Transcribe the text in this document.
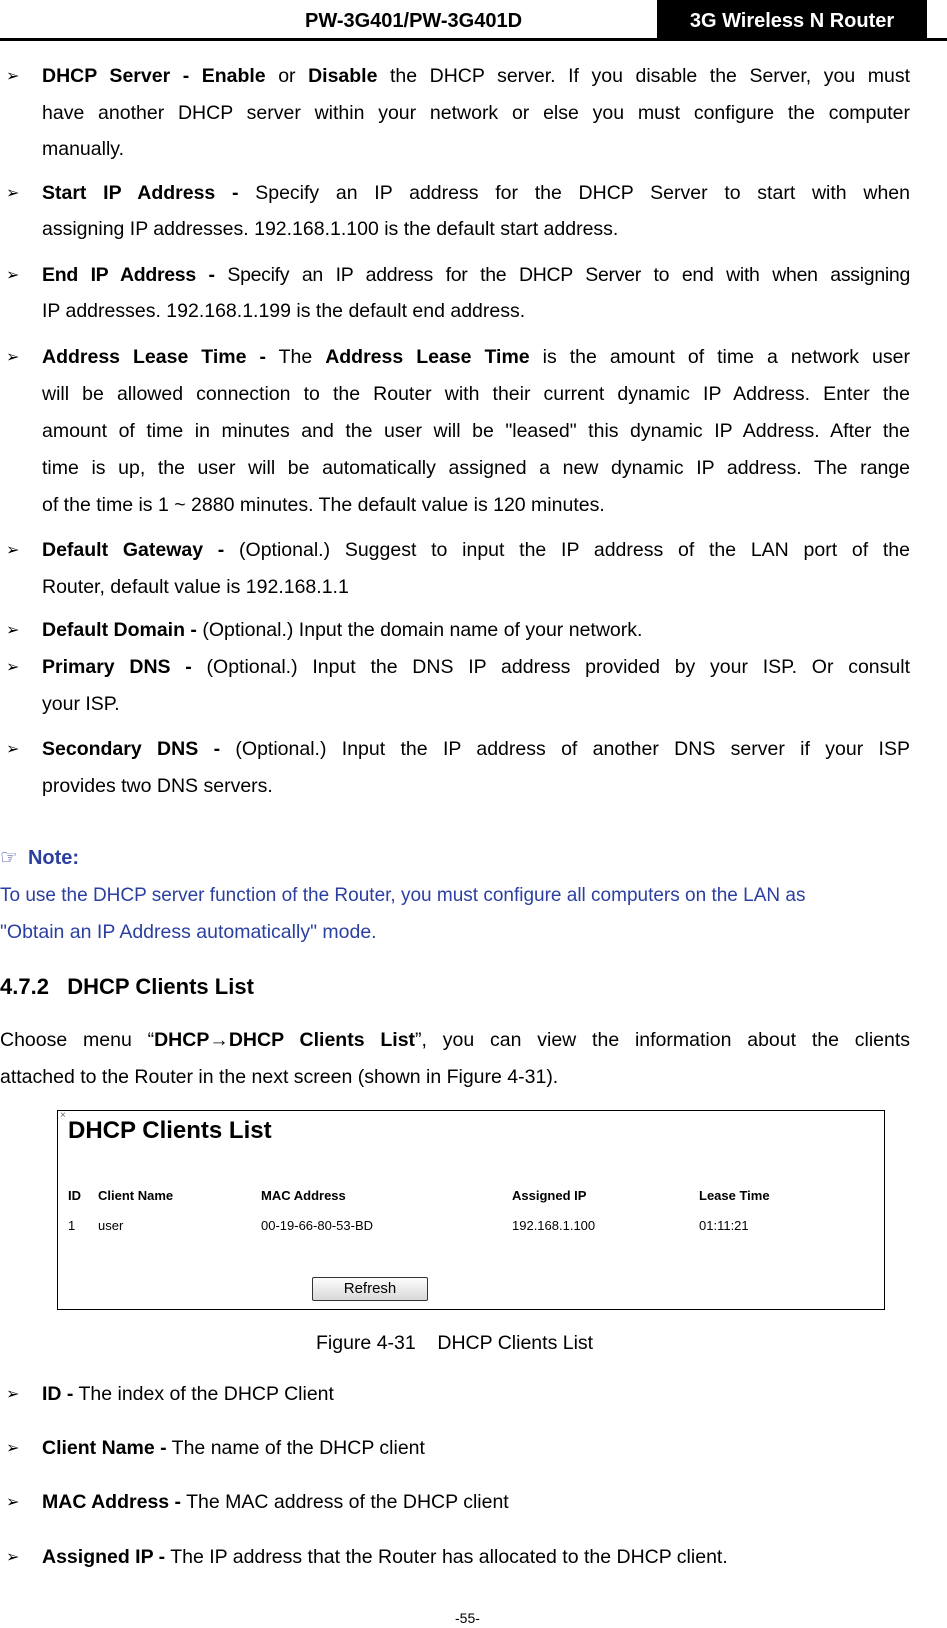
PW-3G401/PW-3G401D	3G Wireless N Router
➢ DHCP Server - Enable or Disable the DHCP server. If you disable the Server, you must
have another DHCP server within your network or else you must configure the computer
manually.
➢ Start IP Address - Specify an IP address for the DHCP Server to start with when
assigning IP addresses. 192.168.1.100 is the default start address.
➢ End IP Address - Specify an IP address for the DHCP Server to end with when assigning
IP addresses. 192.168.1.199 is the default end address.
➢ Address Lease Time - The Address Lease Time is the amount of time a network user
will be allowed connection to the Router with their current dynamic IP Address. Enter the
amount of time in minutes and the user will be "leased" this dynamic IP Address. After the
time is up, the user will be automatically assigned a new dynamic IP address. The range
of the time is 1 ~ 2880 minutes. The default value is 120 minutes.
➢ Default Gateway - (Optional.) Suggest to input the IP address of the LAN port of the
Router, default value is 192.168.1.1
➢ Default Domain - (Optional.) Input the domain name of your network.
➢ Primary DNS - (Optional.) Input the DNS IP address provided by your ISP. Or consult
your ISP.
➢ Secondary DNS - (Optional.) Input the IP address of another DNS server if your ISP
provides two DNS servers.
☞ Note:
To use the DHCP server function of the Router, you must configure all computers on the LAN as
"Obtain an IP Address automatically" mode.
4.7.2   DHCP Clients List
Choose menu “DHCP→DHCP Clients List”, you can view the information about the clients
attached to the Router in the next screen (shown in Figure 4-31).
×
DHCP Clients List
ID Client Name	MAC Address	Assigned IP	Lease Time
1 user	00-19-66-80-53-BD	192.168.1.100	01:11:21
Refresh
Figure 4-31    DHCP Clients List
➢ ID - The index of the DHCP Client
➢ Client Name - The name of the DHCP client
➢ MAC Address - The MAC address of the DHCP client
➢ Assigned IP - The IP address that the Router has allocated to the DHCP client.
-55-
